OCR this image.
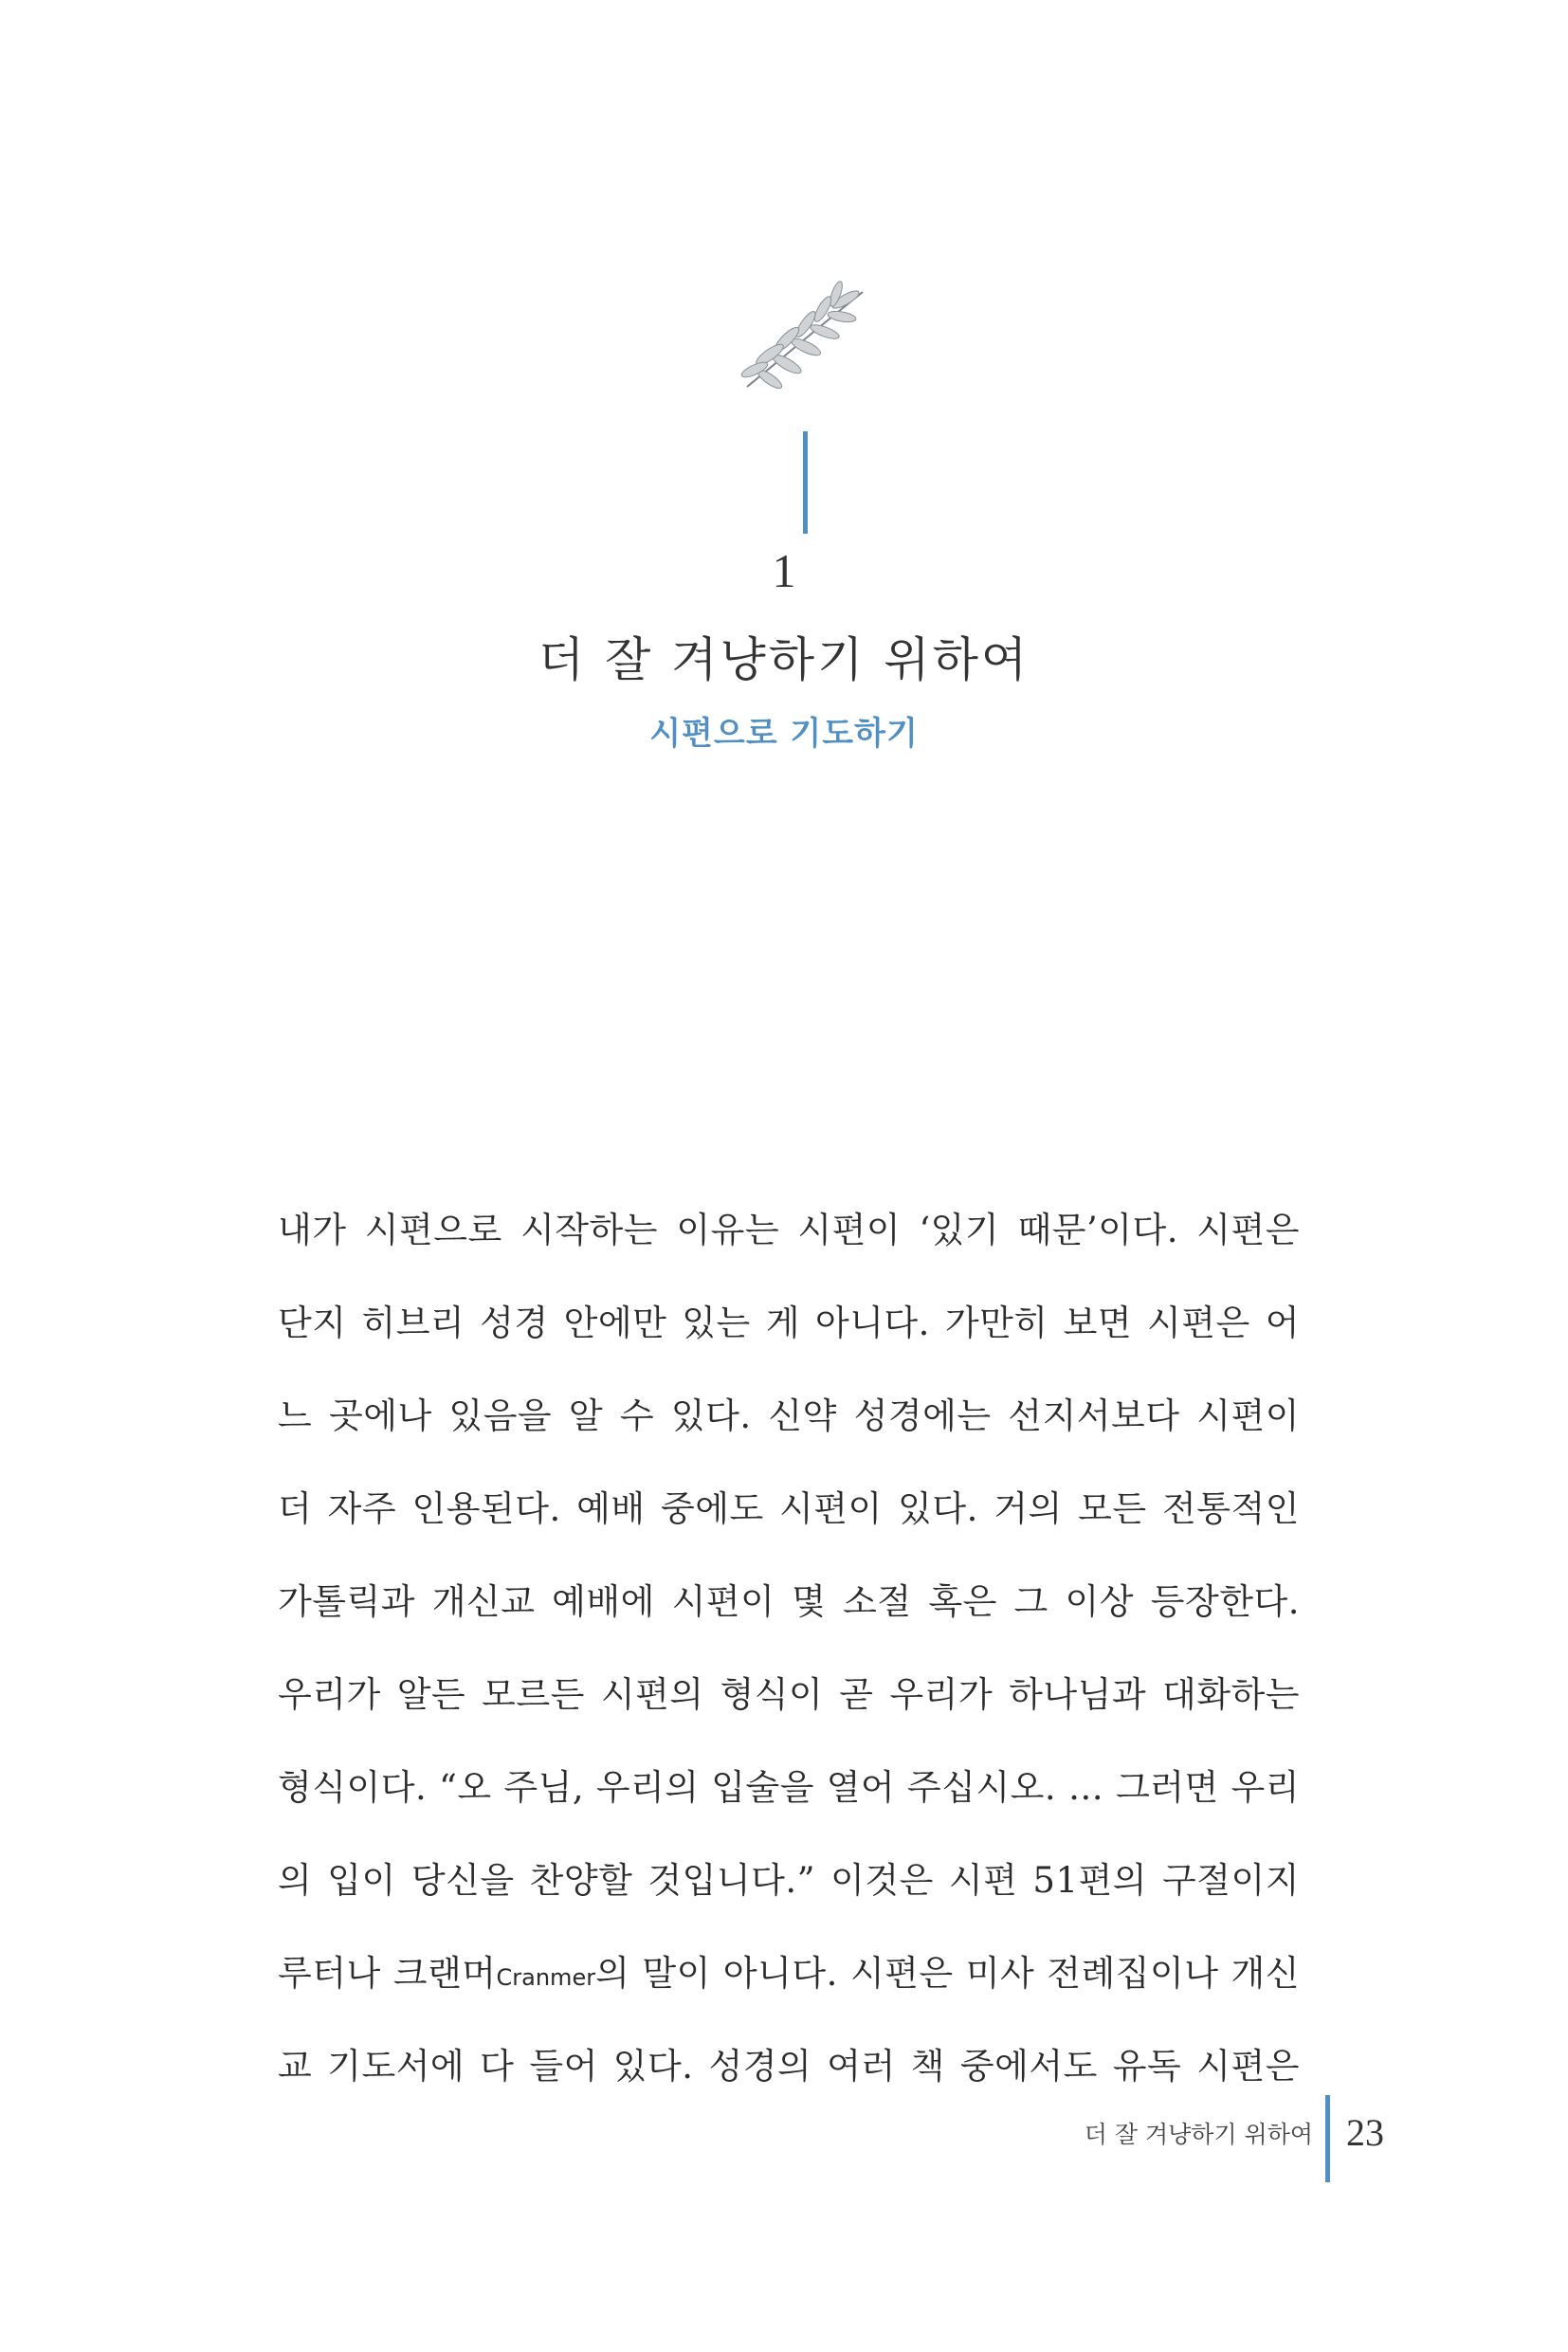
1
더 잘 겨냥하기 위하여
시편으로 기도하기
내가 시편으로 시작하는 이유는 시편이 ‘있기 때문’이다. 시편은
단지 히브리 성경 안에만 있는 게 아니다. 가만히 보면 시편은 어
느 곳에나 있음을 알 수 있다. 신약 성경에는 선지서보다 시편이
더 자주 인용된다. 예배 중에도 시편이 있다. 거의 모든 전통적인
가톨릭과 개신교 예배에 시편이 몇 소절 혹은 그 이상 등장한다.
우리가 알든 모르든 시편의 형식이 곧 우리가 하나님과 대화하는
형식이다. “오 주님, 우리의 입술을 열어 주십시오. … 그러면 우리
의 입이 당신을 찬양할 것입니다.” 이것은 시편 51편의 구절이지
루터나 크랜머Cranmer의 말이 아니다. 시편은 미사 전례집이나 개신
교 기도서에 다 들어 있다. 성경의 여러 책 중에서도 유독 시편은
더 잘 겨냥하기 위하여 23
